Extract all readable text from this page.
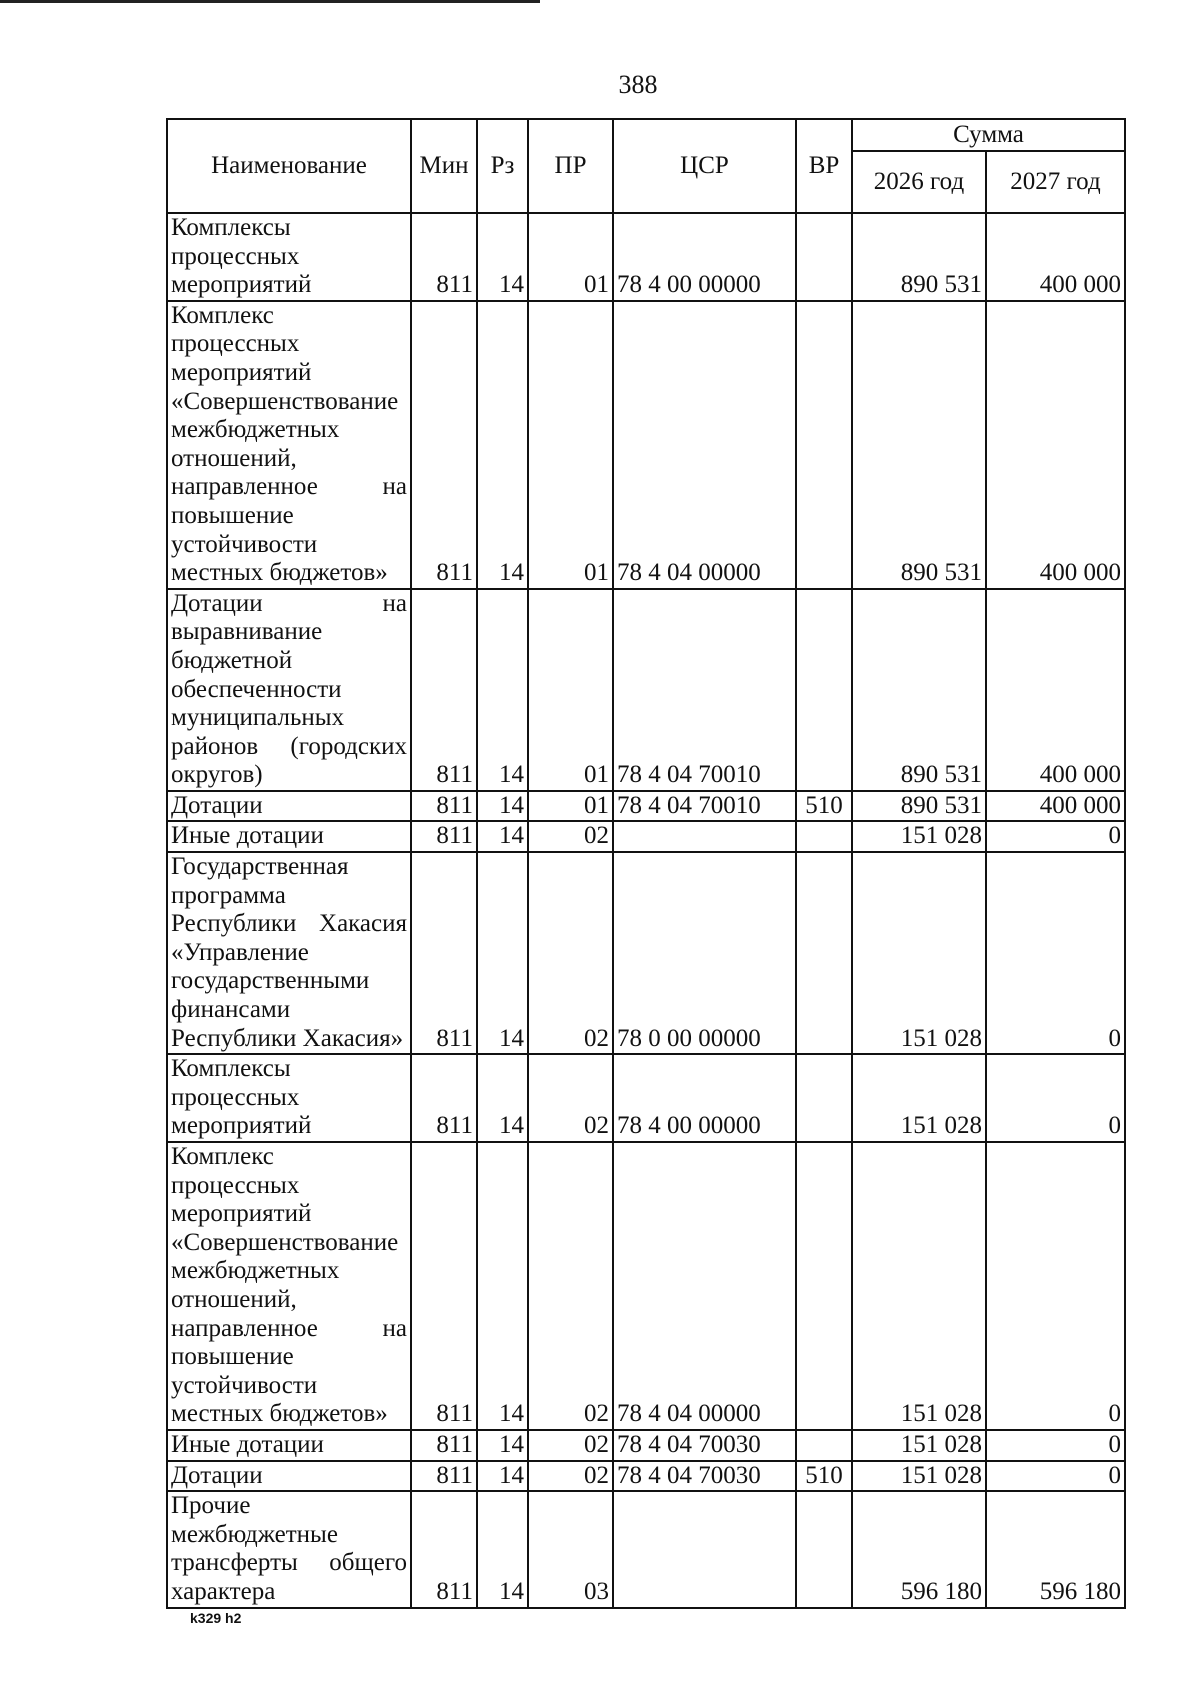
388
Наименование	Мин	Рз	ПР	ЦСР	ВР	Сумма	
						2026 год	2027 год
Комплексы процессных мероприятий	811	14	01	78 4 00 00000		890 531	400 000
Комплекс процессных мероприятий «Совершенствование межбюджетных отношений, направленное на повышение устойчивости местных бюджетов»	811	14	01	78 4 04 00000		890 531	400 000
Дотации на выравнивание бюджетной обеспеченности муниципальных районов (городских округов)	811	14	01	78 4 04 70010		890 531	400 000
Дотации	811	14	01	78 4 04 70010	510	890 531	400 000
Иные дотации	811	14	02			151 028	0
Государственная программа Республики Хакасия «Управление государственными финансами Республики Хакасия»	811	14	02	78 0 00 00000		151 028	0
Комплексы процессных мероприятий	811	14	02	78 4 00 00000		151 028	0
Комплекс процессных мероприятий «Совершенствование межбюджетных отношений, направленное на повышение устойчивости местных бюджетов»	811	14	02	78 4 04 00000		151 028	0
Иные дотации	811	14	02	78 4 04 70030		151 028	0
Дотации	811	14	02	78 4 04 70030	510	151 028	0
Прочие межбюджетные трансферты общего характера	811	14	03			596 180	596 180
k329 h2
